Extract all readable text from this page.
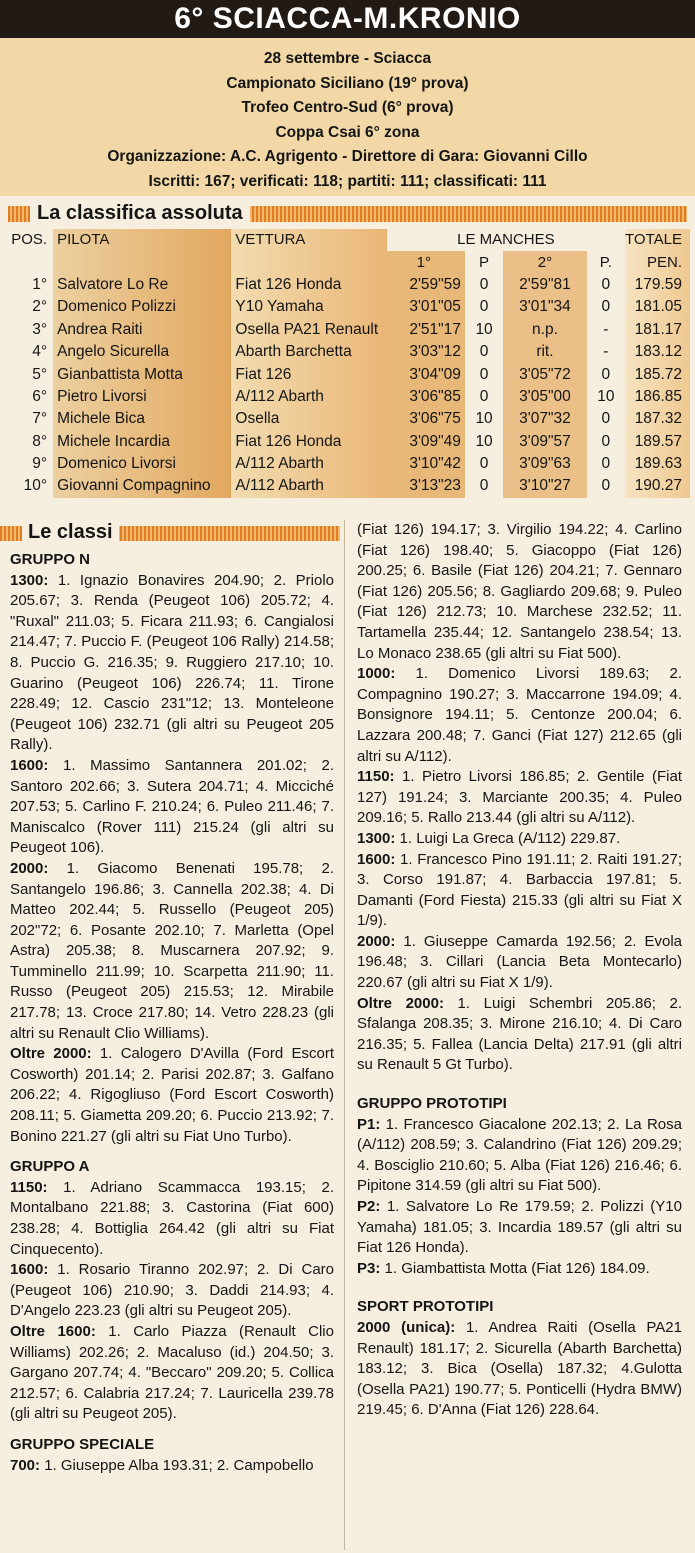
6° SCIACCA-M.KRONIO
28 settembre - Sciacca
Campionato Siciliano (19° prova)
Trofeo Centro-Sud (6° prova)
Coppa Csai 6° zona
Organizzazione: A.C. Agrigento - Direttore di Gara: Giovanni Cillo
Iscritti: 167; verificati: 118; partiti: 111; classificati: 111
La classifica assoluta
POS.	PILOTA	VETTURA	LE MANCHES				TOTALE
			1°	P	2°	P.	PEN.
1°	Salvatore Lo Re	Fiat 126 Honda	2'59"59	0	2'59"81	0	179.59
2°	Domenico Polizzi	Y10 Yamaha	3'01"05	0	3'01"34	0	181.05
3°	Andrea Raiti	Osella PA21 Renault	2'51"17	10	n.p.	-	181.17
4°	Angelo Sicurella	Abarth Barchetta	3'03"12	0	rit.	-	183.12
5°	Gianbattista Motta	Fiat 126	3'04"09	0	3'05"72	0	185.72
6°	Pietro Livorsi	A/112 Abarth	3'06"85	0	3'05"00	10	186.85
7°	Michele Bica	Osella	3'06"75	10	3'07"32	0	187.32
8°	Michele Incardia	Fiat 126 Honda	3'09"49	10	3'09"57	0	189.57
9°	Domenico Livorsi	A/112 Abarth	3'10"42	0	3'09"63	0	189.63
10°	Giovanni Compagnino	A/112 Abarth	3'13"23	0	3'10"27	0	190.27
Le classi
GRUPPO N
1300: 1. Ignazio Bonavires 204.90; 2. Priolo 205.67; 3. Renda (Peugeot 106) 205.72; 4. "Ruxal" 211.03; 5. Ficara 211.93; 6. Cangialosi 214.47; 7. Puccio F. (Peugeot 106 Rally) 214.58; 8. Puccio G. 216.35; 9. Ruggiero 217.10; 10. Guarino (Peugeot 106) 226.74; 11. Tirone 228.49; 12. Cascio 231"12; 13. Monteleone (Peugeot 106) 232.71 (gli altri su Peugeot 205 Rally).
1600: 1. Massimo Santannera 201.02; 2. Santoro 202.66; 3. Sutera 204.71; 4. Micciché 207.53; 5. Carlino F. 210.24; 6. Puleo 211.46; 7. Maniscalco (Rover 111) 215.24 (gli altri su Peugeot 106).
2000: 1. Giacomo Benenati 195.78; 2. Santangelo 196.86; 3. Cannella 202.38; 4. Di Matteo 202.44; 5. Russello (Peugeot 205) 202"72; 6. Posante 202.10; 7. Marletta (Opel Astra) 205.38; 8. Muscarnera 207.92; 9. Tumminello 211.99; 10. Scarpetta 211.90; 11. Russo (Peugeot 205) 215.53; 12. Mirabile 217.78; 13. Croce 217.80; 14. Vetro 228.23 (gli altri su Renault Clio Williams).
Oltre 2000: 1. Calogero D'Avilla (Ford Escort Cosworth) 201.14; 2. Parisi 202.87; 3. Galfano 206.22; 4. Rigogliuso (Ford Escort Cosworth) 208.11; 5. Giametta 209.20; 6. Puccio 213.92; 7. Bonino 221.27 (gli altri su Fiat Uno Turbo).
GRUPPO A
1150: 1. Adriano Scammacca 193.15; 2. Montalbano 221.88; 3. Castorina (Fiat 600) 238.28; 4. Bottiglia 264.42 (gli altri su Fiat Cinquecento).
1600: 1. Rosario Tiranno 202.97; 2. Di Caro (Peugeot 106) 210.90; 3. Daddi 214.93; 4. D'Angelo 223.23 (gli altri su Peugeot 205).
Oltre 1600: 1. Carlo Piazza (Renault Clio Williams) 202.26; 2. Macaluso (id.) 204.50; 3. Gargano 207.74; 4. "Beccaro" 209.20; 5. Collica 212.57; 6. Calabria 217.24; 7. Lauricella 239.78 (gli altri su Peugeot 205).
GRUPPO SPECIALE
700: 1. Giuseppe Alba 193.31; 2. Campobello
(Fiat 126) 194.17; 3. Virgilio 194.22; 4. Carlino (Fiat 126) 198.40; 5. Giacoppo (Fiat 126) 200.25; 6. Basile (Fiat 126) 204.21; 7. Gennaro (Fiat 126) 205.56; 8. Gagliardo 209.68; 9. Puleo (Fiat 126) 212.73; 10. Marchese 232.52; 11. Tartamella 235.44; 12. Santangelo 238.54; 13. Lo Monaco 238.65 (gli altri su Fiat 500).
1000: 1. Domenico Livorsi 189.63; 2. Compagnino 190.27; 3. Maccarrone 194.09; 4. Bonsignore 194.11; 5. Centonze 200.04; 6. Lazzara 200.48; 7. Ganci (Fiat 127) 212.65 (gli altri su A/112).
1150: 1. Pietro Livorsi 186.85; 2. Gentile (Fiat 127) 191.24; 3. Marciante 200.35; 4. Puleo 209.16; 5. Rallo 213.44 (gli altri su A/112).
1300: 1. Luigi La Greca (A/112) 229.87.
1600: 1. Francesco Pino 191.11; 2. Raiti 191.27; 3. Corso 191.87; 4. Barbaccia 197.81; 5. Damanti (Ford Fiesta) 215.33 (gli altri su Fiat X 1/9).
2000: 1. Giuseppe Camarda 192.56; 2. Evola 196.48; 3. Cillari (Lancia Beta Montecarlo) 220.67 (gli altri su Fiat X 1/9).
Oltre 2000: 1. Luigi Schembri 205.86; 2. Sfalanga 208.35; 3. Mirone 216.10; 4. Di Caro 216.35; 5. Fallea (Lancia Delta) 217.91 (gli altri su Renault 5 Gt Turbo).
GRUPPO PROTOTIPI
P1: 1. Francesco Giacalone 202.13; 2. La Rosa (A/112) 208.59; 3. Calandrino (Fiat 126) 209.29; 4. Bosciglio 210.60; 5. Alba (Fiat 126) 216.46; 6. Pipitone 314.59 (gli altri su Fiat 500).
P2: 1. Salvatore Lo Re 179.59; 2. Polizzi (Y10 Yamaha) 181.05; 3. Incardia 189.57 (gli altri su Fiat 126 Honda).
P3: 1. Giambattista Motta (Fiat 126) 184.09.
SPORT PROTOTIPI
2000 (unica): 1. Andrea Raiti (Osella PA21 Renault) 181.17; 2. Sicurella (Abarth Barchetta) 183.12; 3. Bica (Osella) 187.32; 4.Gulotta (Osella PA21) 190.77; 5. Ponticelli (Hydra BMW) 219.45; 6. D'Anna (Fiat 126) 228.64.
